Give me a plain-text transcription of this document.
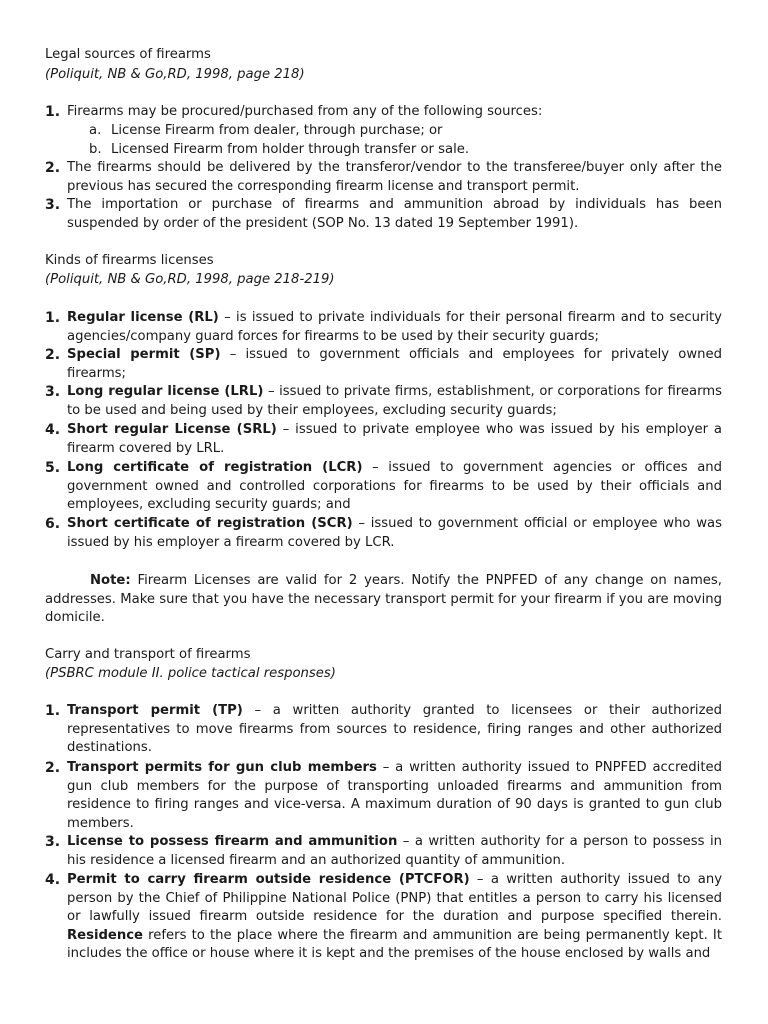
Legal sources of firearms
(Poliquit, NB & Go,RD, 1998, page 218)
1. Firearms may be procured/purchased from any of the following sources:
a. License Firearm from dealer, through purchase; or
b. Licensed Firearm from holder through transfer or sale.
2. The firearms should be delivered by the transferor/vendor to the transferee/buyer only after the previous has secured the corresponding firearm license and transport permit.
3. The importation or purchase of firearms and ammunition abroad by individuals has been suspended by order of the president (SOP No. 13 dated 19 September 1991).
Kinds of firearms licenses
(Poliquit, NB & Go,RD, 1998, page 218-219)
1. Regular license (RL) – is issued to private individuals for their personal firearm and to security agencies/company guard forces for firearms to be used by their security guards;
2. Special permit (SP) – issued to government officials and employees for privately owned firearms;
3. Long regular license (LRL) – issued to private firms, establishment, or corporations for firearms to be used and being used by their employees, excluding security guards;
4. Short regular License (SRL) – issued to private employee who was issued by his employer a firearm covered by LRL.
5. Long certificate of registration (LCR) – issued to government agencies or offices and government owned and controlled corporations for firearms to be used by their officials and employees, excluding security guards; and
6. Short certificate of registration (SCR) – issued to government official or employee who was issued by his employer a firearm covered by LCR.
Note: Firearm Licenses are valid for 2 years. Notify the PNPFED of any change on names, addresses. Make sure that you have the necessary transport permit for your firearm if you are moving domicile.
Carry and transport of firearms
(PSBRC module II. police tactical responses)
1. Transport permit (TP) – a written authority granted to licensees or their authorized representatives to move firearms from sources to residence, firing ranges and other authorized destinations.
2. Transport permits for gun club members – a written authority issued to PNPFED accredited gun club members for the purpose of transporting unloaded firearms and ammunition from residence to firing ranges and vice-versa. A maximum duration of 90 days is granted to gun club members.
3. License to possess firearm and ammunition – a written authority for a person to possess in his residence a licensed firearm and an authorized quantity of ammunition.
4. Permit to carry firearm outside residence (PTCFOR) – a written authority issued to any person by the Chief of Philippine National Police (PNP) that entitles a person to carry his licensed or lawfully issued firearm outside residence for the duration and purpose specified therein. Residence refers to the place where the firearm and ammunition are being permanently kept. It includes the office or house where it is kept and the premises of the house enclosed by walls and
